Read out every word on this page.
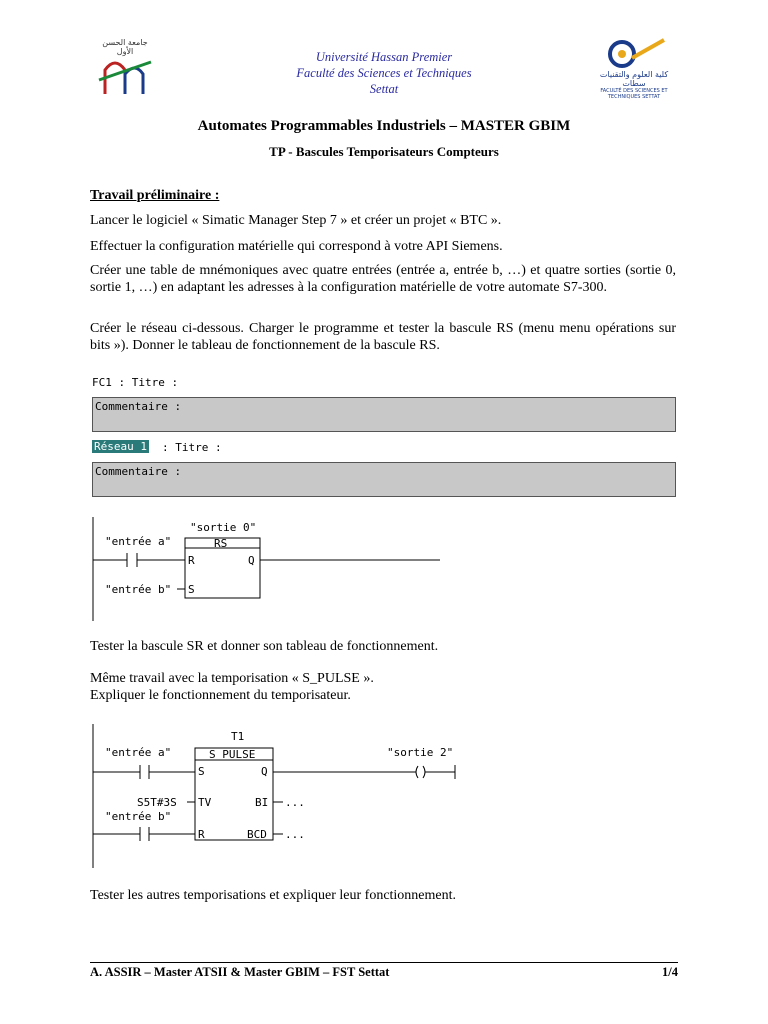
جامعة الحسن الأول
كلية العلوم والتقنيات سطات
FACULTÉ DES SCIENCES ET TECHNIQUES SETTAT
Université Hassan Premier
Faculté des Sciences et Techniques
Settat
Automates Programmables Industriels – MASTER GBIM
TP - Bascules Temporisateurs Compteurs
Travail préliminaire :
Lancer le logiciel « Simatic Manager Step 7 » et créer un projet « BTC ».
Effectuer la configuration matérielle qui correspond à votre API Siemens.
Créer une table de mnémoniques avec quatre entrées (entrée a, entrée b, …) et quatre sorties (sortie 0, sortie 1, …) en adaptant les adresses à la configuration matérielle de votre automate S7-300.
Créer le réseau ci-dessous. Charger le programme et tester la bascule RS (menu menu opérations sur bits »). Donner le tableau de fonctionnement de la bascule RS.
FC1 : Titre :
Commentaire :
Réseau 1 : Titre :
Commentaire :
"sortie 0"
RS
R
S
Q
"entrée a"
"entrée b"
Tester la bascule SR et donner son tableau de fonctionnement.
Même travail avec la temporisation « S_PULSE ».
Expliquer le fonctionnement du temporisateur.
T1
S_PULSE
S	Q
TV	BI
R	BCD
"entrée a"	"sortie 2"
S5T#3S	...
"entrée b"
...
Tester les autres temporisations et expliquer leur fonctionnement.
A. ASSIR – Master ATSII & Master GBIM – FST Settat	1/4
